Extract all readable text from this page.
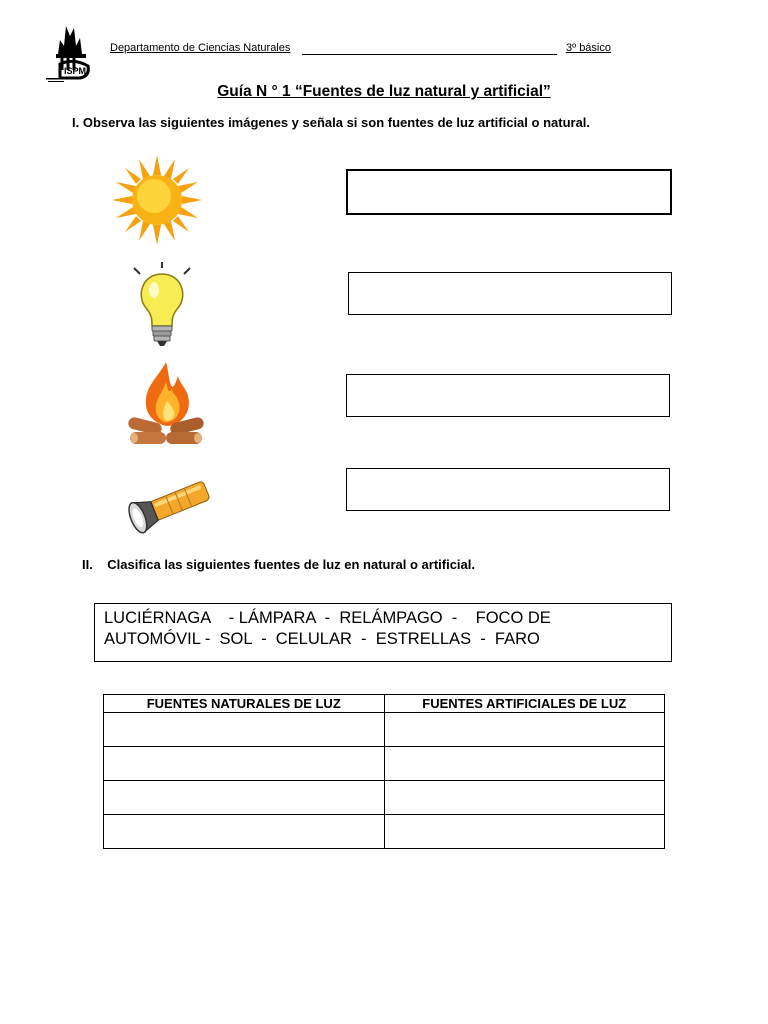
lSPM
Departamento de Ciencias Naturales	3º básico
Guía N ° 1 “Fuentes de luz natural y artificial”
I. Observa las siguientes imágenes y señala si son fuentes de luz artificial o natural.
II.    Clasifica las siguientes fuentes de luz en natural o artificial.
LUCIÉRNAGA    - LÁMPARA  -  RELÁMPAGO  -    FOCO DE
AUTOMÓVIL -  SOL  -  CELULAR  -  ESTRELLAS  -  FARO
FUENTES NATURALES DE LUZ	FUENTES ARTIFICIALES DE LUZ
